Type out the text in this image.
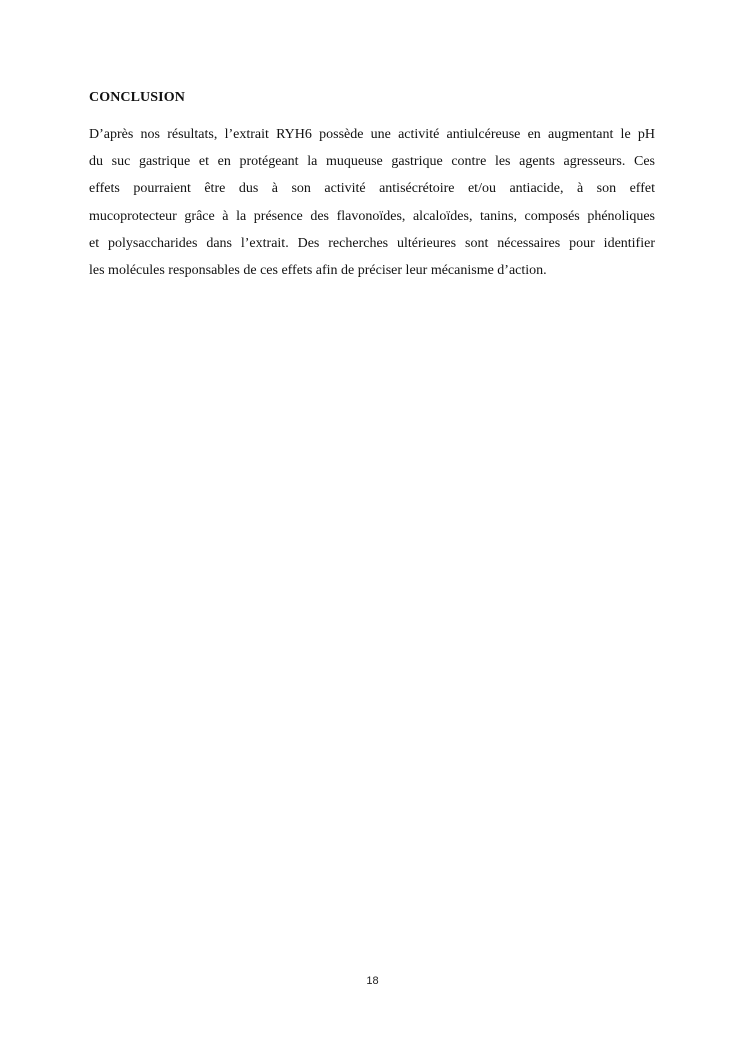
CONCLUSION
D’après nos résultats, l’extrait RYH6 possède une activité antiulcéreuse en augmentant le pH
du suc gastrique et en protégeant la muqueuse gastrique contre les agents agresseurs. Ces
effets pourraient être dus à son activité antisécrétoire et/ou antiacide, à son effet
mucoprotecteur grâce à la présence des flavonoïdes, alcaloïdes, tanins, composés phénoliques
et polysaccharides dans l’extrait. Des recherches ultérieures sont nécessaires pour identifier
les molécules responsables de ces effets afin de préciser leur mécanisme d’action.
18
